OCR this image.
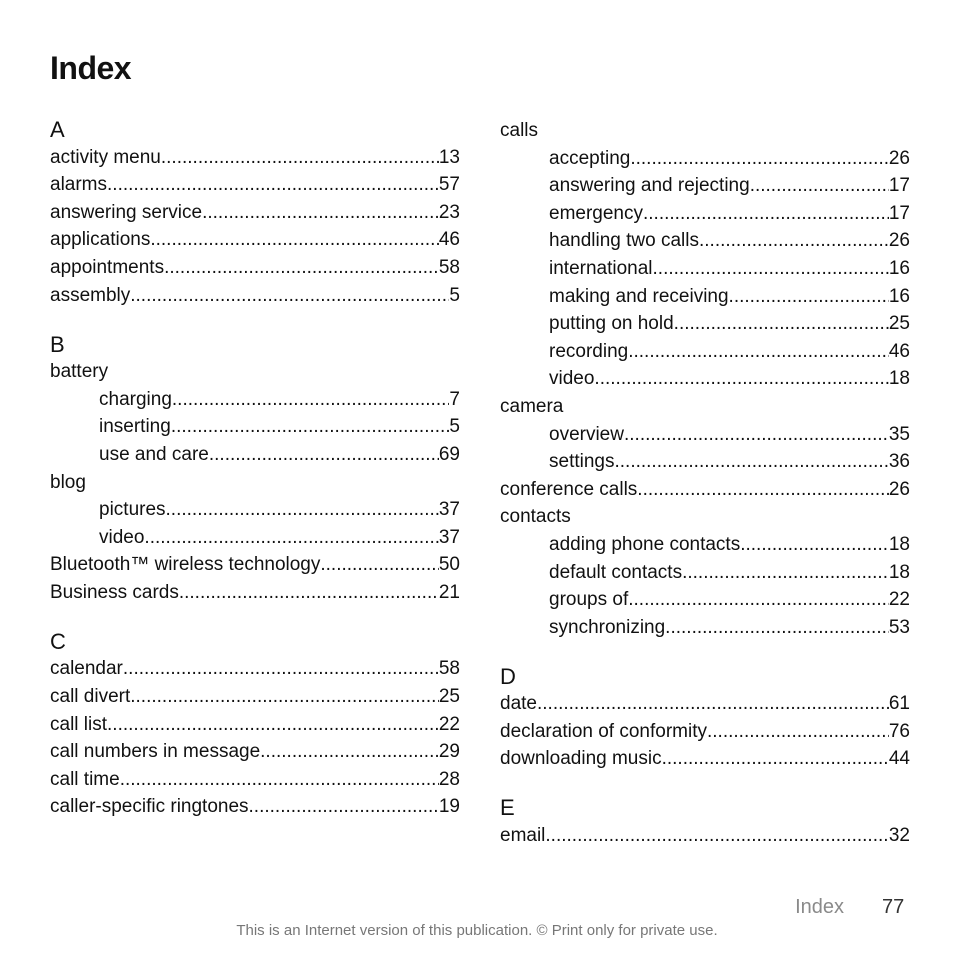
Index
A
activity menu .....	13
alarms .....	57
answering service .....	23
applications .....	46
appointments .....	58
assembly .....	5
B
battery
charging .....	7
inserting .....	5
use and care .....	69
blog
pictures .....	37
video .....	37
Bluetooth™ wireless technology .....	50
Business cards .....	21
C
calendar .....	58
call divert .....	25
call list .....	22
call numbers in message .....	29
call time .....	28
caller-specific ringtones .....	19
calls
accepting .....	26
answering and rejecting .....	17
emergency .....	17
handling two calls .....	26
international .....	16
making and receiving .....	16
putting on hold .....	25
recording .....	46
video .....	18
camera
overview .....	35
settings .....	36
conference calls .....	26
contacts
adding phone contacts .....	18
default contacts .....	18
groups of .....	22
synchronizing .....	53
D
date .....	61
declaration of conformity .....	76
downloading music .....	44
E
email .....	32
Index 77
This is an Internet version of this publication. © Print only for private use.
